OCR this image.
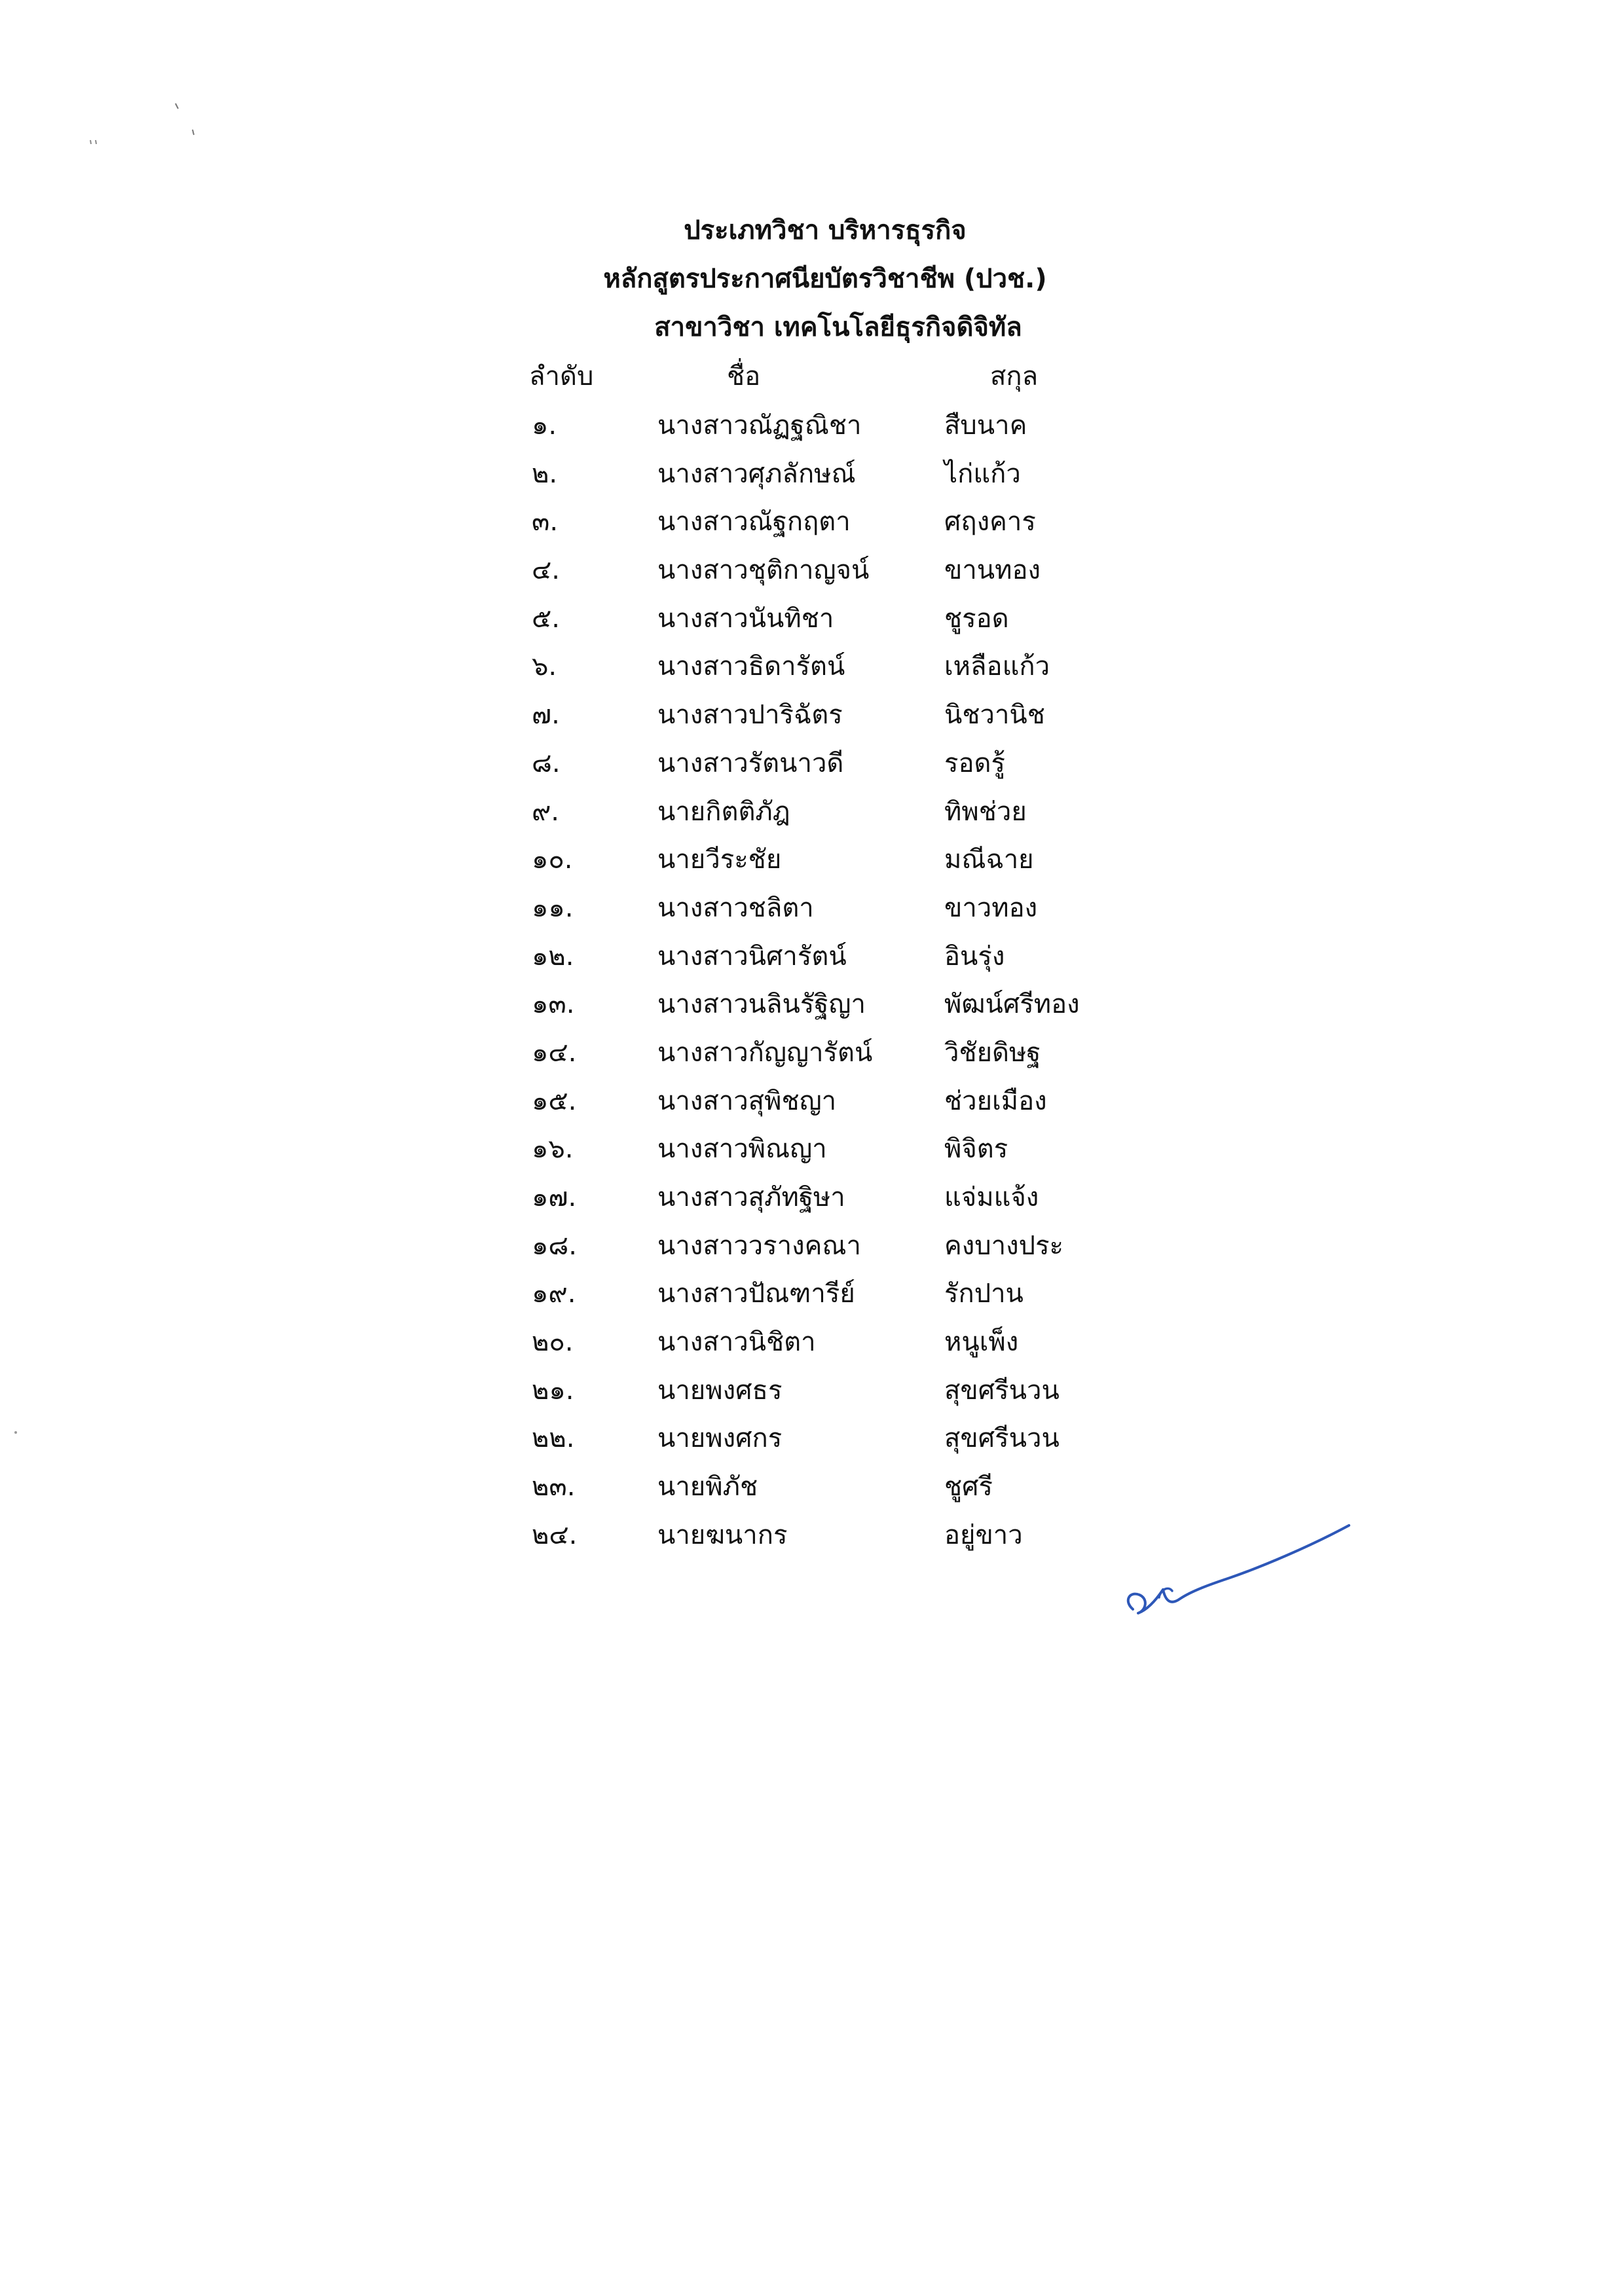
ประเภทวิชา บริหารธุรกิจ
หลักสูตรประกาศนียบัตรวิชาชีพ (ปวช.)
สาขาวิชา เทคโนโลยีธุรกิจดิจิทัล
ลำดับ	ชื่อ	สกุล
๑.	นางสาวณัฏฐณิชา	สืบนาค
๒.	นางสาวศุภลักษณ์	ไก่แก้ว
๓.	นางสาวณัฐกฤตา	ศฤงคาร
๔.	นางสาวชุติกาญจน์	ขานทอง
๕.	นางสาวนันทิชา	ชูรอด
๖.	นางสาวธิดารัตน์	เหลือแก้ว
๗.	นางสาวปาริฉัตร	นิชวานิช
๘.	นางสาวรัตนาวดี	รอดรู้
๙.	นายกิตติภัฎ	ทิพช่วย
๑๐.	นายวีระชัย	มณีฉาย
๑๑.	นางสาวชลิตา	ขาวทอง
๑๒.	นางสาวนิศารัตน์	อินรุ่ง
๑๓.	นางสาวนลินรัฐิญา	พัฒน์ศรีทอง
๑๔.	นางสาวกัญญารัตน์	วิชัยดิษฐ
๑๕.	นางสาวสุพิชญา	ช่วยเมือง
๑๖.	นางสาวพิณญา	พิจิตร
๑๗.	นางสาวสุภัทฐิษา	แจ่มแจ้ง
๑๘.	นางสาววรางคณา	คงบางประ
๑๙.	นางสาวปัณฑารีย์	รักปาน
๒๐.	นางสาวนิชิตา	หนูเพ็ง
๒๑.	นายพงศธร	สุขศรีนวน
๒๒.	นายพงศกร	สุขศรีนวน
๒๓.	นายพิภัช	ชูศรี
๒๔.	นายฆนากร	อยู่ขาว
